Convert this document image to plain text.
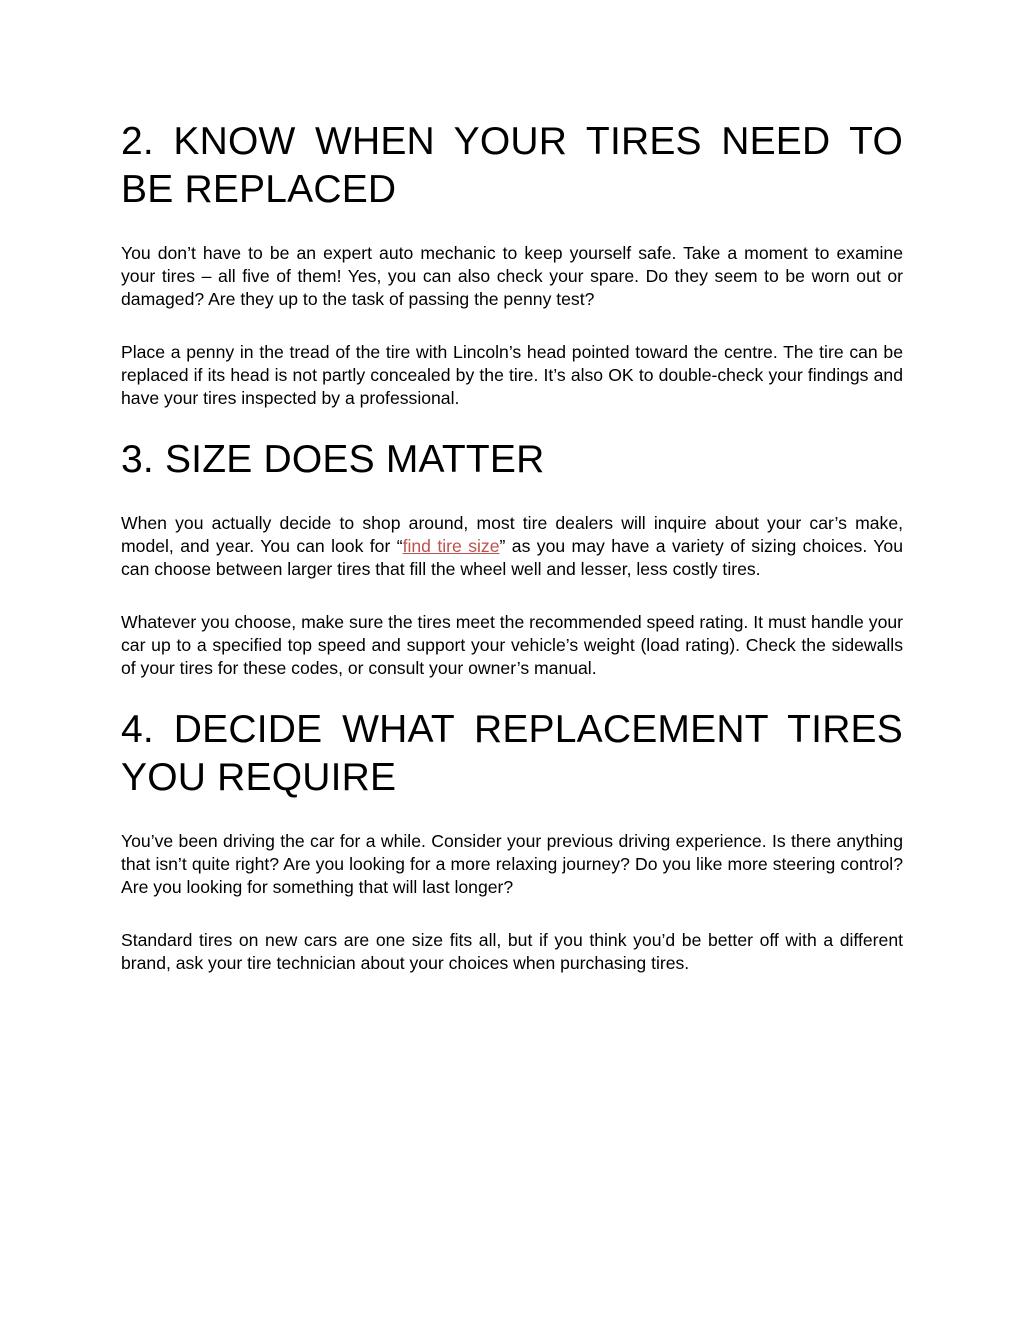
2. KNOW WHEN YOUR TIRES NEED TO BE REPLACED

You don’t have to be an expert auto mechanic to keep yourself safe. Take a moment to examine your tires – all five of them! Yes, you can also check your spare. Do they seem to be worn out or damaged? Are they up to the task of passing the penny test?

Place a penny in the tread of the tire with Lincoln’s head pointed toward the centre. The tire can be replaced if its head is not partly concealed by the tire. It’s also OK to double-check your findings and have your tires inspected by a professional.

3. SIZE DOES MATTER

When you actually decide to shop around, most tire dealers will inquire about your car’s make, model, and year. You can look for “find tire size” as you may have a variety of sizing choices. You can choose between larger tires that fill the wheel well and lesser, less costly tires.

Whatever you choose, make sure the tires meet the recommended speed rating. It must handle your car up to a specified top speed and support your vehicle’s weight (load rating). Check the sidewalls of your tires for these codes, or consult your owner’s manual.

4. DECIDE WHAT REPLACEMENT TIRES YOU REQUIRE

You’ve been driving the car for a while. Consider your previous driving experience. Is there anything that isn’t quite right? Are you looking for a more relaxing journey? Do you like more steering control? Are you looking for something that will last longer?

Standard tires on new cars are one size fits all, but if you think you’d be better off with a different brand, ask your tire technician about your choices when purchasing tires.
